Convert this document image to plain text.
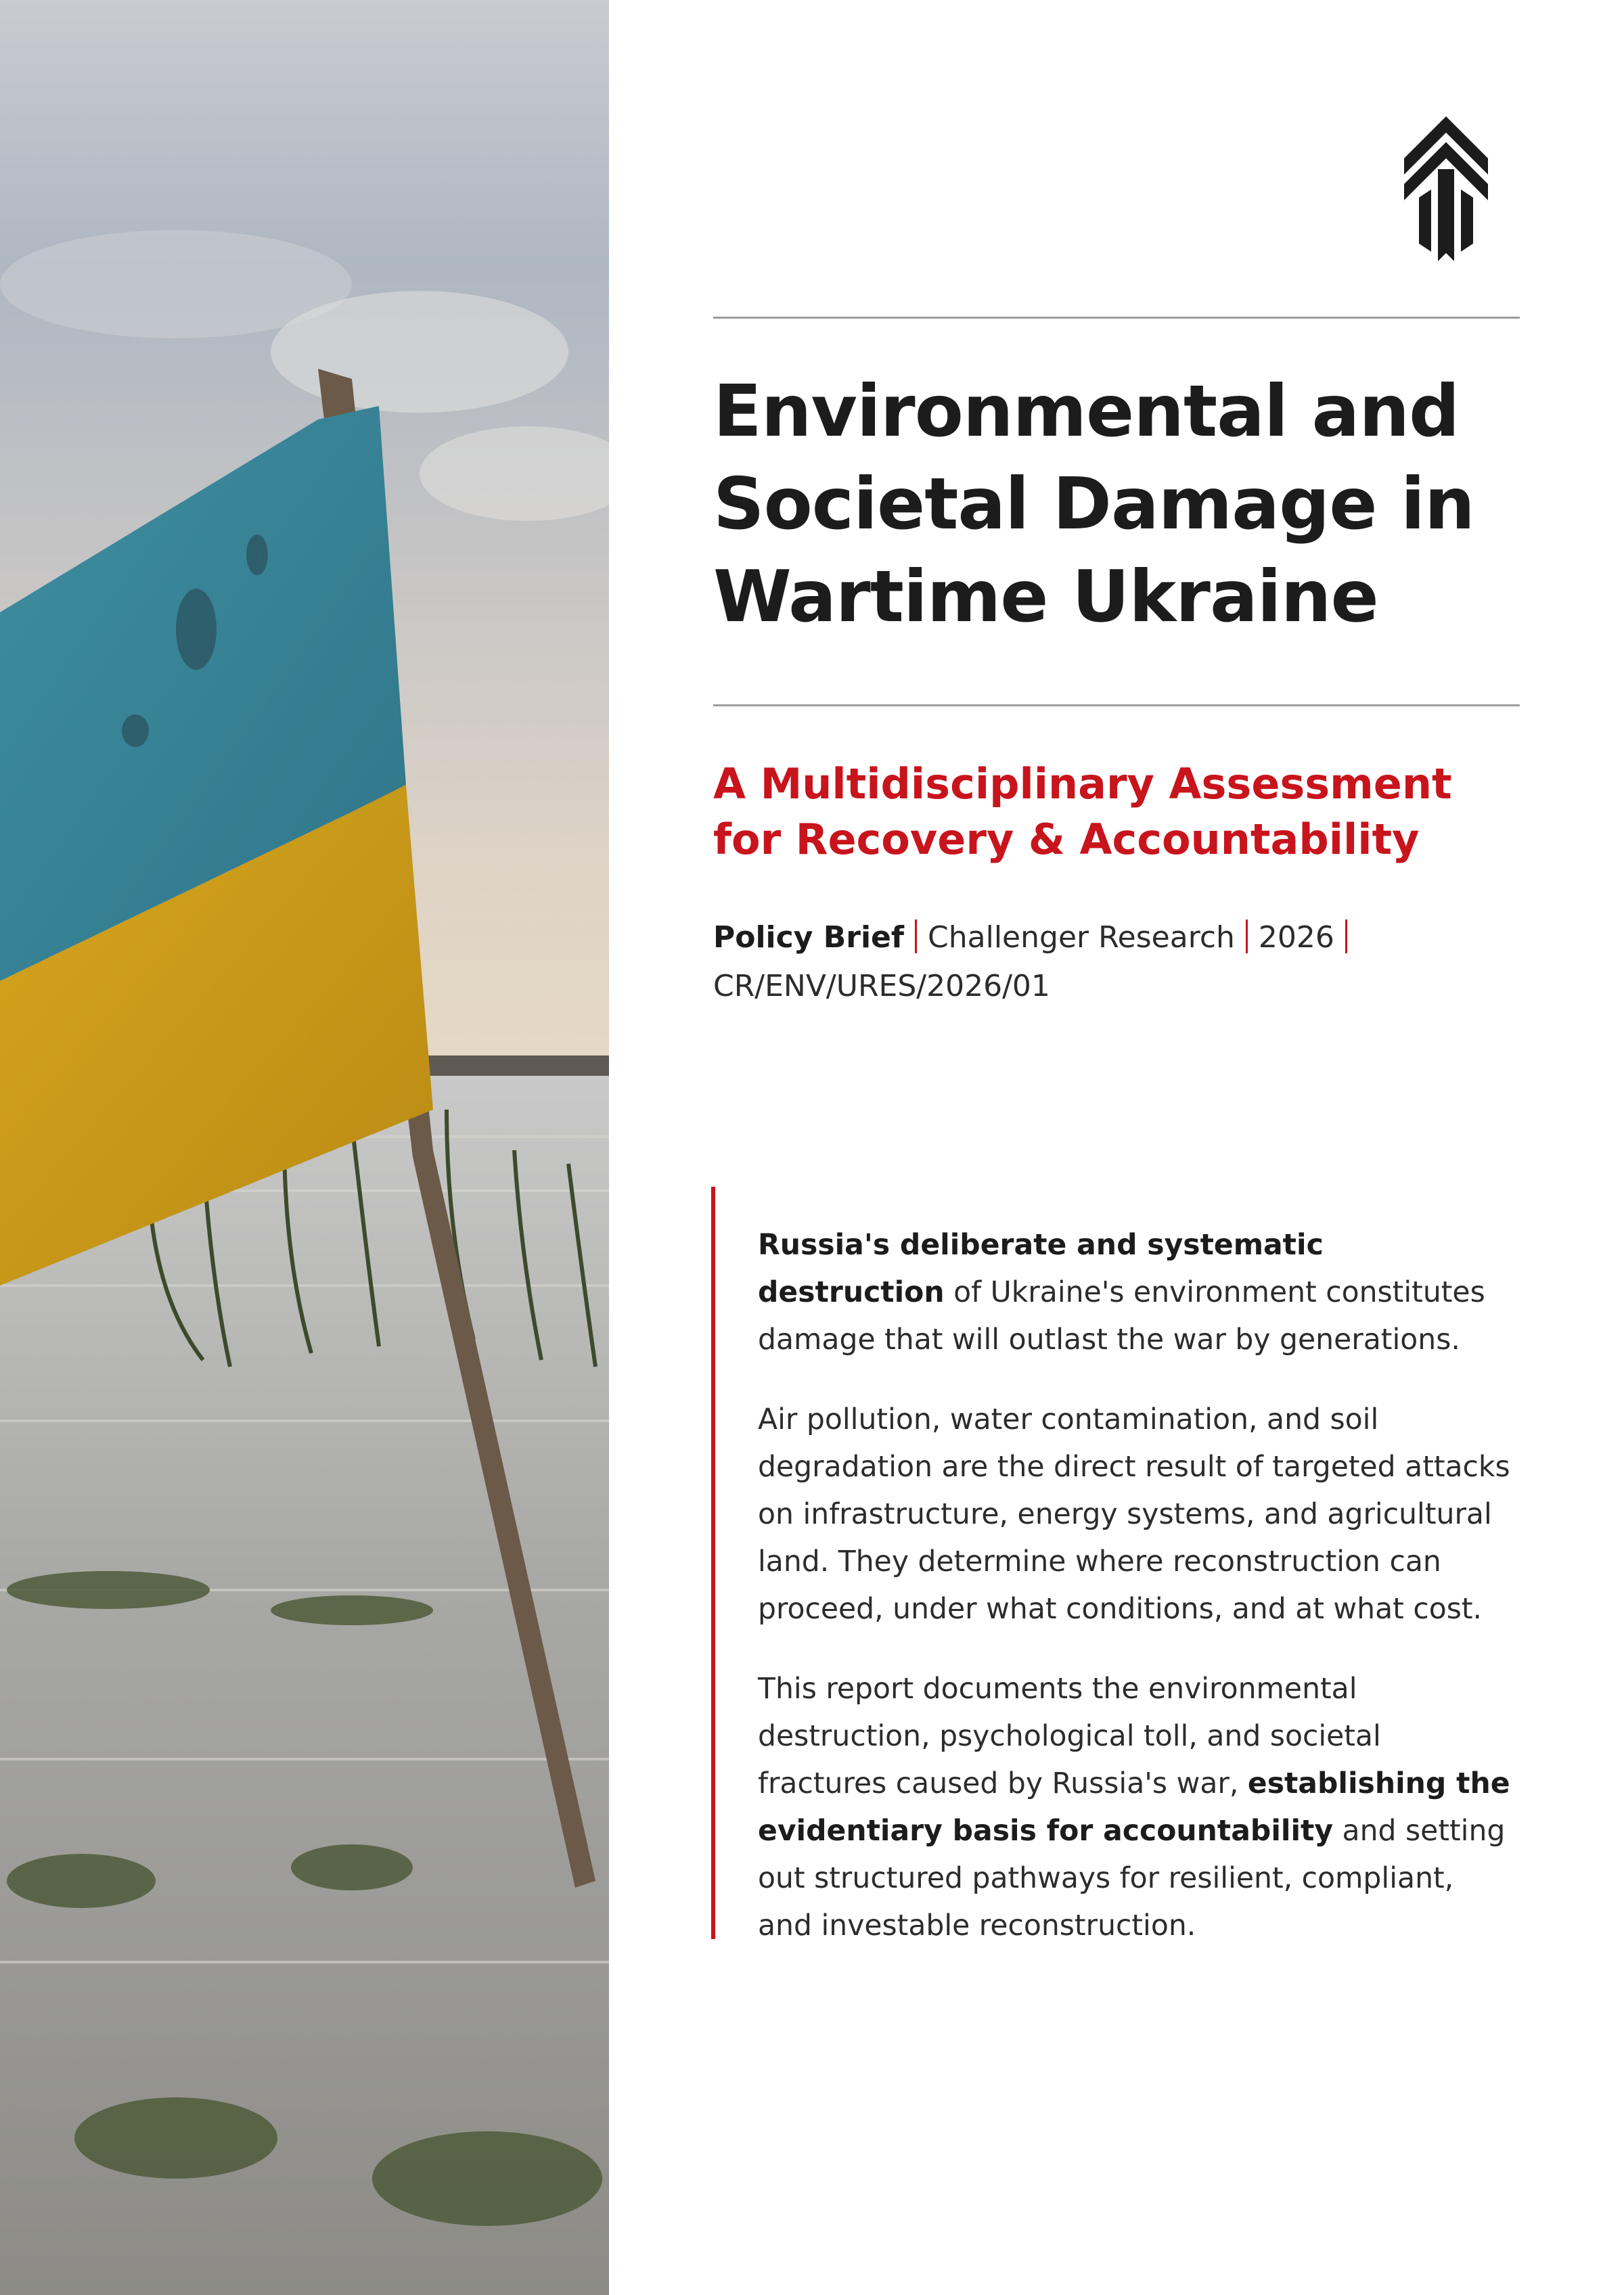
Environmental and
Societal Damage in
Wartime Ukraine
A Multidisciplinary Assessment
for Recovery & Accountability
Policy Brief Challenger Research 2026
CR/ENV/URES/2026/01

Russia's deliberate and systematic destruction of Ukraine's environment constitutes damage that will outlast the war by generations.

Air pollution, water contamination, and soil degradation are the direct result of targeted attacks on infrastructure, energy systems, and agricultural land. They determine where reconstruction can proceed, under what conditions, and at what cost.

This report documents the environmental destruction, psychological toll, and societal fractures caused by Russia's war, establishing the evidentiary basis for accountability and setting out structured pathways for resilient, compliant, and investable reconstruction.
